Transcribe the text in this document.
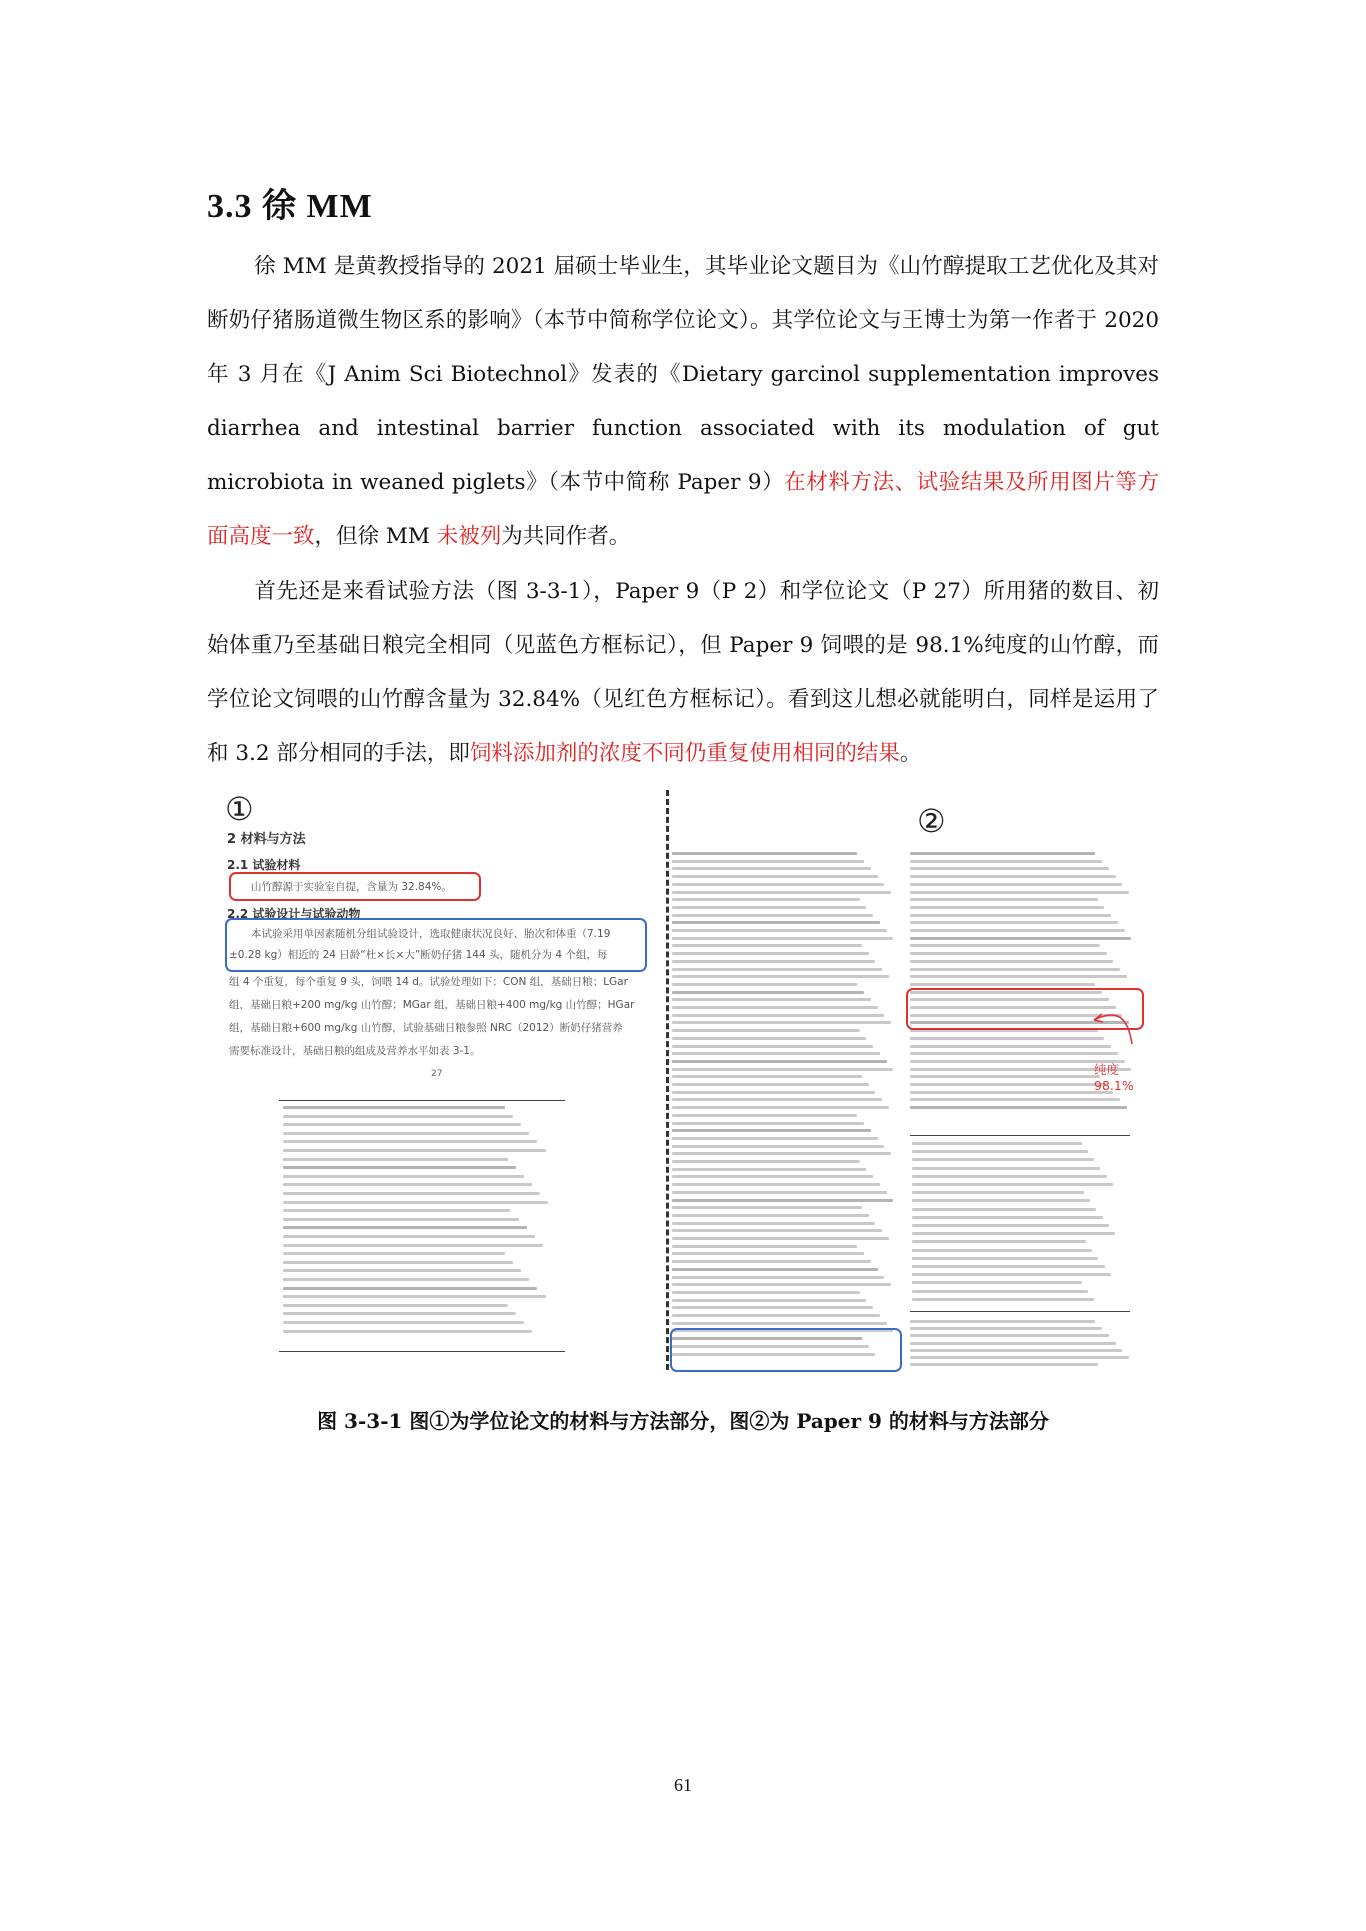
3.3 徐 MM
徐 MM 是黄教授指导的 2021 届硕士毕业生，其毕业论文题目为《山竹醇提取工艺优化及其对断奶仔猪肠道微生物区系的影响》（本节中简称学位论文）。其学位论文与王博士为第一作者于 2020 年 3 月在《J Anim Sci Biotechnol》发表的《Dietary garcinol supplementation improves diarrhea and intestinal barrier function associated with its modulation of gut microbiota in weaned piglets》（本节中简称 Paper 9）在材料方法、试验结果及所用图片等方面高度一致，但徐 MM 未被列为共同作者。
首先还是来看试验方法（图 3-3-1），Paper 9（P 2）和学位论文（P 27）所用猪的数目、初始体重乃至基础日粮完全相同（见蓝色方框标记），但 Paper 9 饲喂的是 98.1%纯度的山竹醇，而学位论文饲喂的山竹醇含量为 32.84%（见红色方框标记）。看到这儿想必就能明白，同样是运用了和 3.2 部分相同的手法，即饲料添加剂的浓度不同仍重复使用相同的结果。
①
2 材料与方法
2.1 试验材料
山竹醇源于实验室自提，含量为 32.84%。
2.2 试验设计与试验动物
本试验采用单因素随机分组试验设计，选取健康状况良好、胎次和体重（7.19
±0.28 kg）相近的 24 日龄“杜×长×大”断奶仔猪 144 头，随机分为 4 个组，每
组 4 个重复，每个重复 9 头，饲喂 14 d。试验处理如下：CON 组，基础日粮；LGar
组，基础日粮+200 mg/kg 山竹醇；MGar 组，基础日粮+400 mg/kg 山竹醇；HGar
组，基础日粮+600 mg/kg 山竹醇，试验基础日粮参照 NRC（2012）断奶仔猪营养
需要标准设计，基础日粮的组成及营养水平如表 3-1。
27
②
纯度98.1%
图 3-3-1 图①为学位论文的材料与方法部分，图②为 Paper 9 的材料与方法部分
61
